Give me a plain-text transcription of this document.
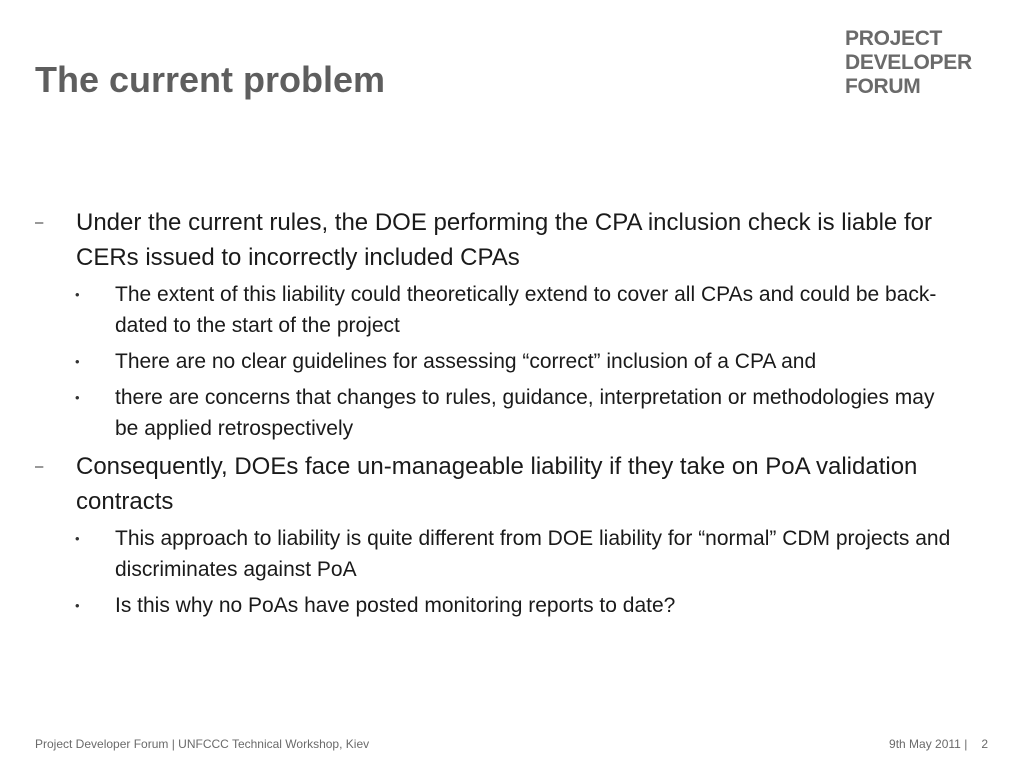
The current problem
PROJECT
DEVELOPER
FORUM
–	Under the current rules, the DOE performing the CPA inclusion check is liable for CERs issued to incorrectly included CPAs
•	The extent of this liability could theoretically extend to cover all CPAs and could be back-dated to the start of the project
•	There are no clear guidelines for assessing “correct” inclusion of a CPA and
•	there are concerns that changes to rules, guidance, interpretation or methodologies may be applied retrospectively
–	Consequently, DOEs face un-manageable liability if they take on PoA validation contracts
•	This approach to liability is quite different from DOE liability for “normal” CDM projects and discriminates against PoA
•	Is this why no PoAs have posted monitoring reports to date?
Project Developer Forum | UNFCCC Technical Workshop, Kiev	9th May 2011 | 2
